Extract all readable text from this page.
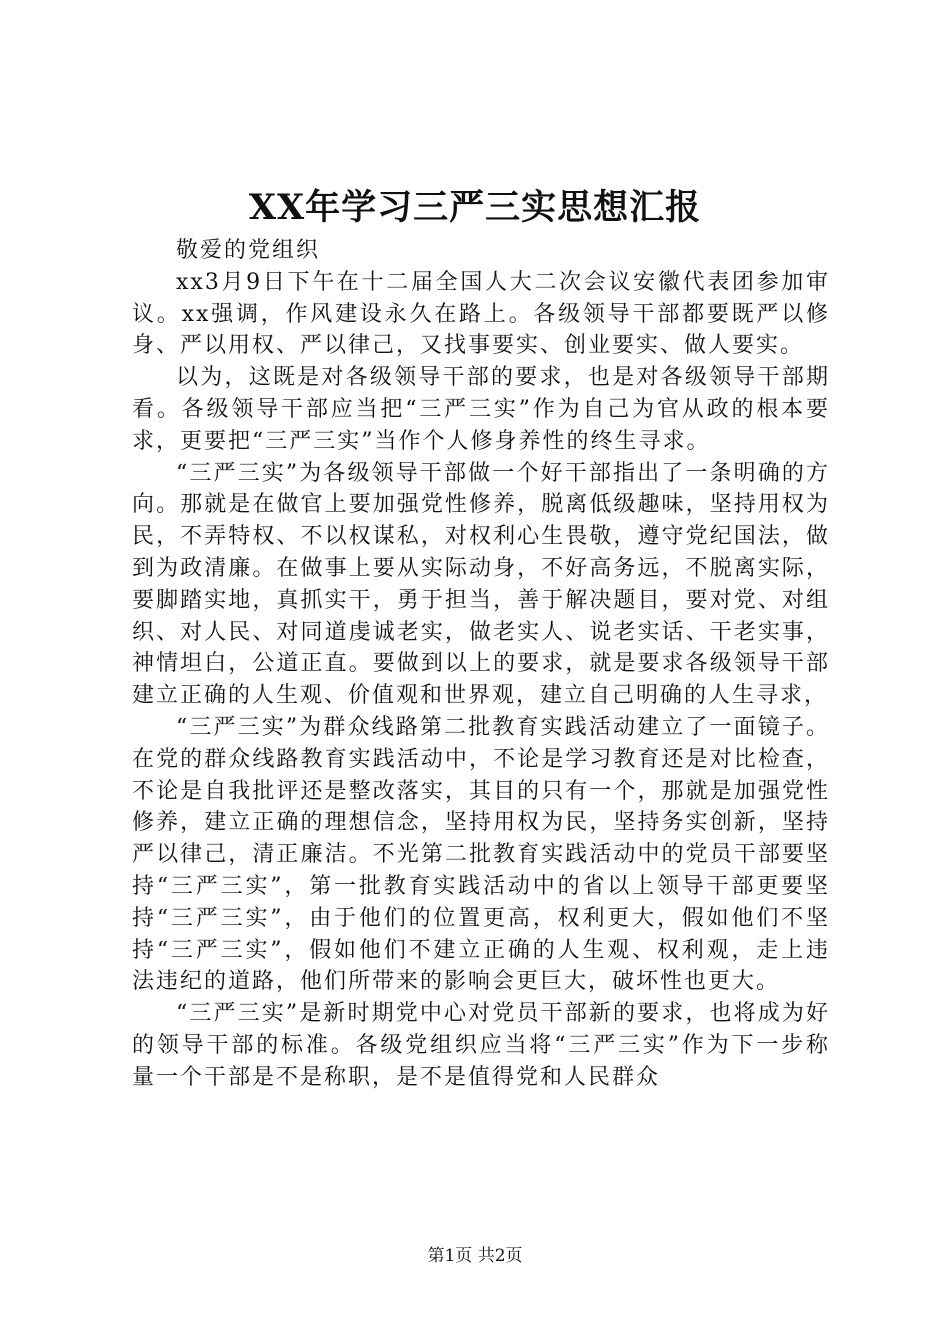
XX年学习三严三实思想汇报

敬爱的党组织

xx3月9日下午在十二届全国人大二次会议安徽代表团参加审议。xx强调，作风建设永久在路上。各级领导干部都要既严以修身、严以用权、严以律己，又找事要实、创业要实、做人要实。

以为，这既是对各级领导干部的要求，也是对各级领导干部期看。各级领导干部应当把“三严三实”作为自己为官从政的根本要求，更要把“三严三实”当作个人修身养性的终生寻求。

“三严三实”为各级领导干部做一个好干部指出了一条明确的方向。那就是在做官上要加强党性修养，脱离低级趣味，坚持用权为民，不弄特权、不以权谋私，对权利心生畏敬，遵守党纪国法，做到为政清廉。在做事上要从实际动身，不好高务远，不脱离实际，要脚踏实地，真抓实干，勇于担当，善于解决题目，要对党、对组织、对人民、对同道虔诚老实，做老实人、说老实话、干老实事，神情坦白，公道正直。要做到以上的要求，就是要求各级领导干部建立正确的人生观、价值观和世界观，建立自己明确的人生寻求，

“三严三实”为群众线路第二批教育实践活动建立了一面镜子。在党的群众线路教育实践活动中，不论是学习教育还是对比检查，不论是自我批评还是整改落实，其目的只有一个，那就是加强党性修养，建立正确的理想信念，坚持用权为民，坚持务实创新，坚持严以律己，清正廉洁。不光第二批教育实践活动中的党员干部要坚持“三严三实”，第一批教育实践活动中的省以上领导干部更要坚持“三严三实”，由于他们的位置更高，权利更大，假如他们不坚持“三严三实”，假如他们不建立正确的人生观、权利观，走上违法违纪的道路，他们所带来的影响会更巨大，破坏性也更大。

“三严三实”是新时期党中心对党员干部新的要求，也将成为好的领导干部的标准。各级党组织应当将“三严三实”作为下一步称量一个干部是不是称职，是不是值得党和人民群众

第1页 共2页
